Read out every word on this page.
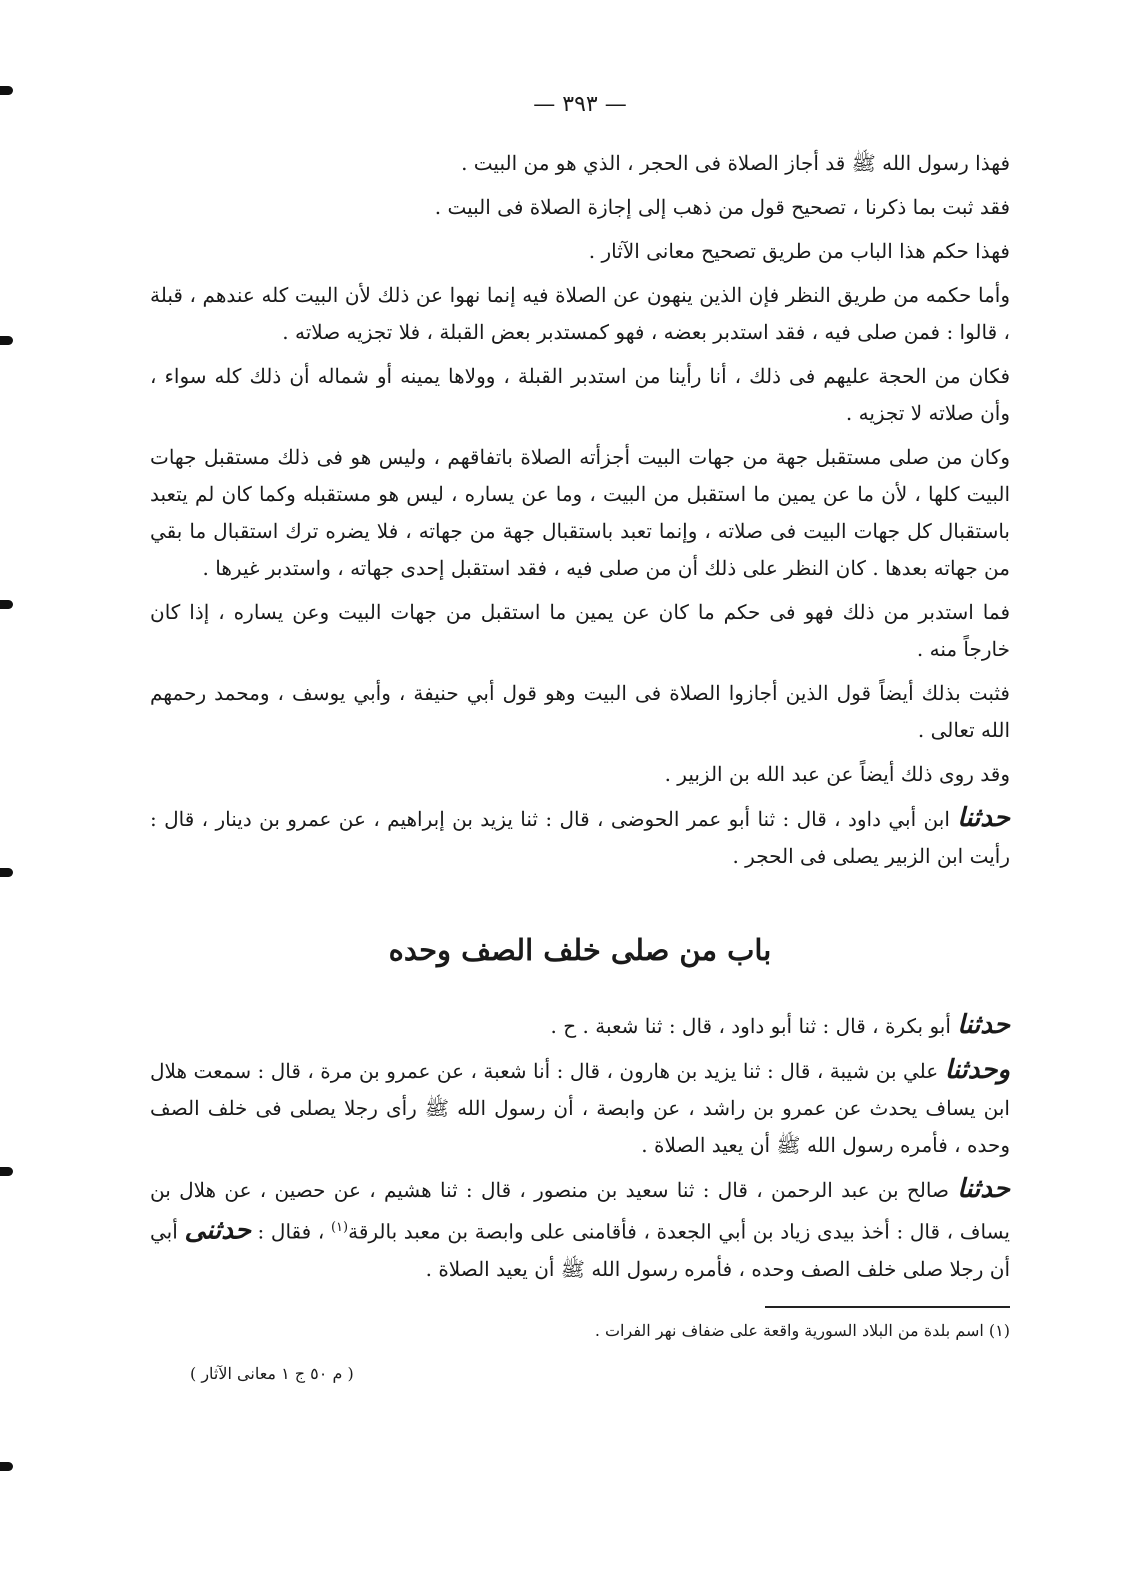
— ٣٩٣ —

فهذا رسول الله ﷺ قد أجاز الصلاة فى الحجر ، الذي هو من البيت .

فقد ثبت بما ذكرنا ، تصحيح قول من ذهب إلى إجازة الصلاة فى البيت .

فهذا حكم هذا الباب من طريق تصحيح معانى الآثار .

وأما حكمه من طريق النظر فإن الذين ينهون عن الصلاة فيه إنما نهوا عن ذلك لأن البيت كله عندهم ، قبلة ، قالوا : فمن صلى فيه ، فقد استدبر بعضه ، فهو كمستدبر بعض القبلة ، فلا تجزيه صلاته .

فكان من الحجة عليهم فى ذلك ، أنا رأينا من استدبر القبلة ، وولاها يمينه أو شماله أن ذلك كله سواء ، وأن صلاته لا تجزيه .

وكان من صلى مستقبل جهة من جهات البيت أجزأته الصلاة باتفاقهم ، وليس هو فى ذلك مستقبل جهات البيت كلها ، لأن ما عن يمين ما استقبل من البيت ، وما عن يساره ، ليس هو مستقبله وكما كان لم يتعبد باستقبال كل جهات البيت فى صلاته ، وإنما تعبد باستقبال جهة من جهاته ، فلا يضره ترك استقبال ما بقي من جهاته بعدها . كان النظر على ذلك أن من صلى فيه ، فقد استقبل إحدى جهاته ، واستدبر غيرها .

فما استدبر من ذلك فهو فى حكم ما كان عن يمين ما استقبل من جهات البيت وعن يساره ، إذا كان خارجاً منه .

فثبت بذلك أيضاً قول الذين أجازوا الصلاة فى البيت وهو قول أبي حنيفة ، وأبي يوسف ، ومحمد رحمهم الله تعالى .

وقد روى ذلك أيضاً عن عبد الله بن الزبير .

حدثنا ابن أبي داود ، قال : ثنا أبو عمر الحوضى ، قال : ثنا يزيد بن إبراهيم ، عن عمرو بن دينار ، قال : رأيت ابن الزبير يصلى فى الحجر .

باب من صلى خلف الصف وحده

حدثنا أبو بكرة ، قال : ثنا أبو داود ، قال : ثنا شعبة . ح .

وحدثنا علي بن شيبة ، قال : ثنا يزيد بن هارون ، قال : أنا شعبة ، عن عمرو بن مرة ، قال : سمعت هلال ابن يساف يحدث عن عمرو بن راشد ، عن وابصة ، أن رسول الله ﷺ رأى رجلا يصلى فى خلف الصف وحده ، فأمره رسول الله ﷺ أن يعيد الصلاة .

حدثنا صالح بن عبد الرحمن ، قال : ثنا سعيد بن منصور ، قال : ثنا هشيم ، عن حصين ، عن هلال بن يساف ، قال : أخذ بيدى زياد بن أبي الجعدة ، فأقامنى على وابصة بن معبد بالرقة$^{(١)}$ ، فقال : حدثنى أبي أن رجلا صلى خلف الصف وحده ، فأمره رسول الله ﷺ أن يعيد الصلاة .

(١) اسم بلدة من البلاد السورية واقعة على ضفاف نهر الفرات .

( م ٥٠ ج ١ معانى الآثار )
